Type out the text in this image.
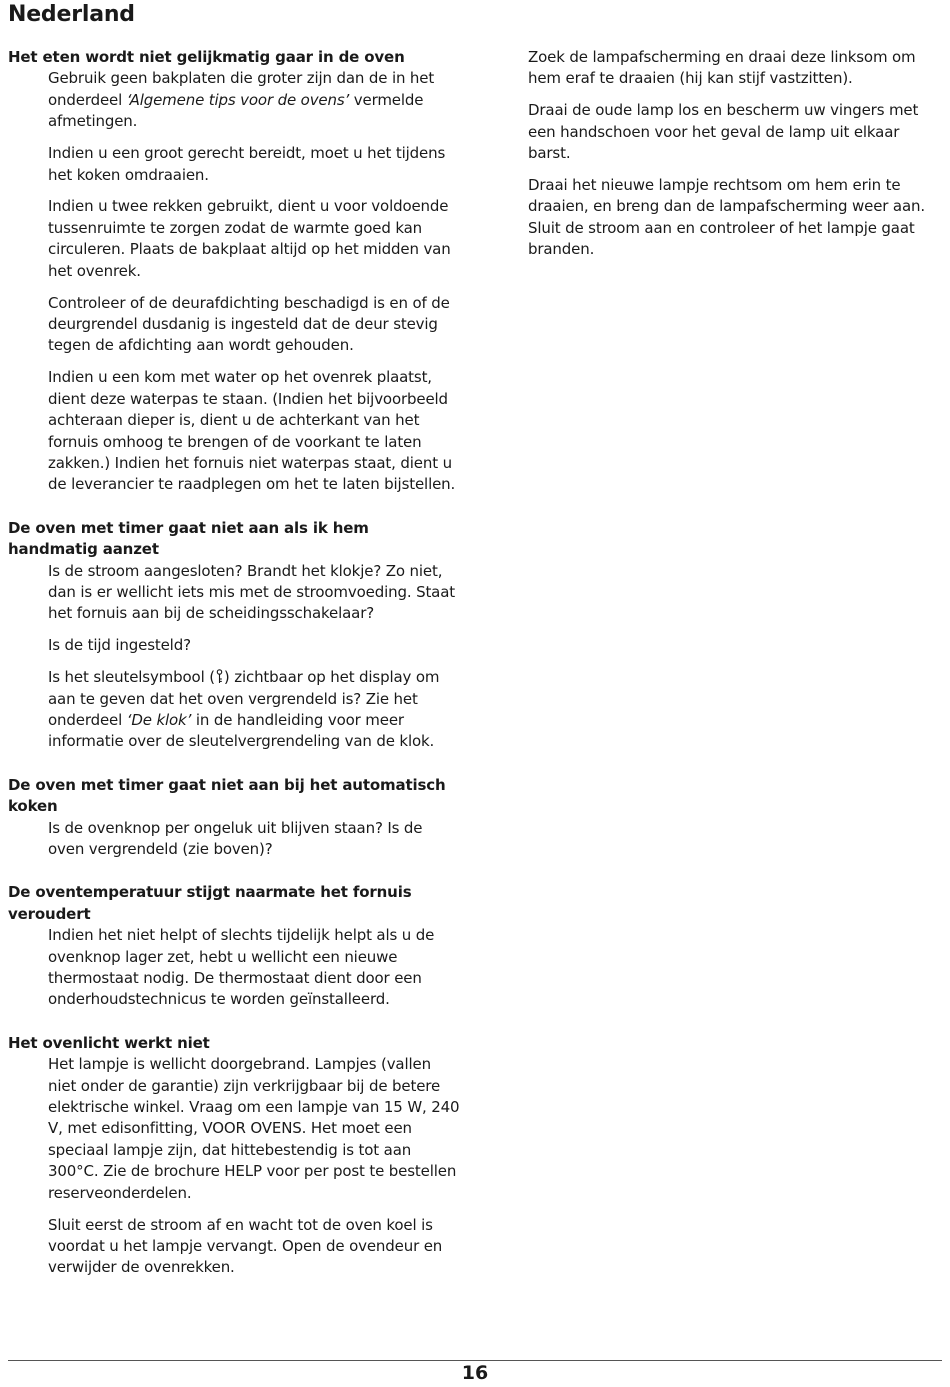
Nederland

Het eten wordt niet gelijkmatig gaar in de oven

Gebruik geen bakplaten die groter zijn dan de in het onderdeel ‘Algemene tips voor de ovens’ vermelde afmetingen.

Indien u een groot gerecht bereidt, moet u het tijdens het koken omdraaien.

Indien u twee rekken gebruikt, dient u voor voldoende tussenruimte te zorgen zodat de warmte goed kan circuleren. Plaats de bakplaat altijd op het midden van het ovenrek.

Controleer of de deurafdichting beschadigd is en of de deurgrendel dusdanig is ingesteld dat de deur stevig tegen de afdichting aan wordt gehouden.

Indien u een kom met water op het ovenrek plaatst, dient deze waterpas te staan. (Indien het bijvoorbeeld achteraan dieper is, dient u de achterkant van het fornuis omhoog te brengen of de voorkant te laten zakken.) Indien het fornuis niet waterpas staat, dient u de leverancier te raadplegen om het te laten bijstellen.

De oven met timer gaat niet aan als ik hem handmatig aanzet

Is de stroom aangesloten? Brandt het klokje? Zo niet, dan is er wellicht iets mis met de stroomvoeding. Staat het fornuis aan bij de scheidingsschakelaar?

Is de tijd ingesteld?

Is het sleutelsymbool ( ) zichtbaar op het display om aan te geven dat het oven vergrendeld is? Zie het onderdeel ‘De klok’ in de handleiding voor meer informatie over de sleutelvergrendeling van de klok.

De oven met timer gaat niet aan bij het automatisch koken

Is de ovenknop per ongeluk uit blijven staan? Is de oven vergrendeld (zie boven)?

De oventemperatuur stijgt naarmate het fornuis veroudert

Indien het niet helpt of slechts tijdelijk helpt als u de ovenknop lager zet, hebt u wellicht een nieuwe thermostaat nodig. De thermostaat dient door een onderhoudstechnicus te worden geïnstalleerd.

Het ovenlicht werkt niet

Het lampje is wellicht doorgebrand. Lampjes (vallen niet onder de garantie) zijn verkrijgbaar bij de betere elektrische winkel. Vraag om een lampje van 15 W, 240 V, met edisonfitting, VOOR OVENS. Het moet een speciaal lampje zijn, dat hittebestendig is tot aan 300°C. Zie de brochure HELP voor per post te bestellen reserveonderdelen.

Sluit eerst de stroom af en wacht tot de oven koel is voordat u het lampje vervangt. Open de ovendeur en verwijder de ovenrekken.

Zoek de lampafscherming en draai deze linksom om hem eraf te draaien (hij kan stijf vastzitten).

Draai de oude lamp los en bescherm uw vingers met een handschoen voor het geval de lamp uit elkaar barst.

Draai het nieuwe lampje rechtsom om hem erin te draaien, en breng dan de lampafscherming weer aan. Sluit de stroom aan en controleer of het lampje gaat branden.

16
